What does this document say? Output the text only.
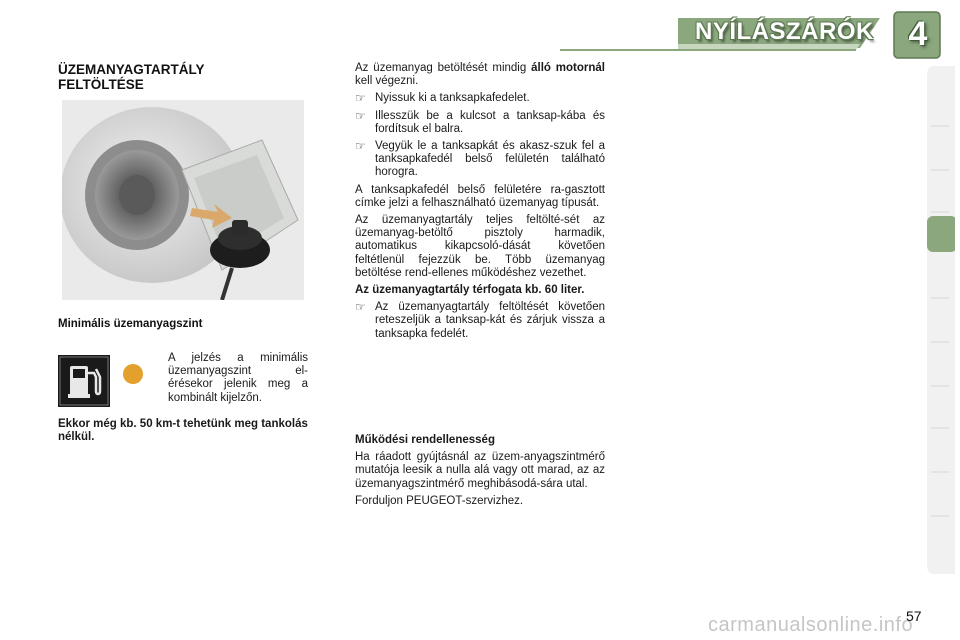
NYÍLÁSZÁRÓK	4
ÜZEMANYAGTARTÁLY
FELTÖLTÉSE
Minimális üzemanyagszint
A jelzés a minimális üzemanyagszint el-érésekor jelenik meg a kombinált kijelzőn.
Ekkor még kb. 50 km-t tehetünk meg tankolás nélkül.

Az üzemanyag betöltését mindig álló motornál kell végezni.

☞ Nyissuk ki a tanksapkafedelet.
☞ Illesszük be a kulcsot a tanksap-kába és fordítsuk el balra.
☞ Vegyük le a tanksapkát és akasz-szuk fel a tanksapkafedél belső felületén található horogra.

A tanksapkafedél belső felületére ra-gasztott címke jelzi a felhasználható üzemanyag típusát.

Az üzemanyagtartály teljes feltölté-sét az üzemanyag-betöltő pisztoly harmadik, automatikus kikapcsoló-dását követően feltétlenül fejezzük be. Több üzemanyag betöltése rend-ellenes működéshez vezethet.

Az üzemanyagtartály térfogata kb. 60 liter.

☞ Az üzemanyagtartály feltöltését követően reteszeljük a tanksap-kát és zárjuk vissza a tanksapka fedelét.

Működési rendellenesség

Ha ráadott gyújtásnál az üzem-anyagszintmérő mutatója leesik a nulla alá vagy ott marad, az az üzemanyagszintmérő meghibásodá-sára utal.

Forduljon PEUGEOT-szervizhez.

carmanualsonline.info
57
